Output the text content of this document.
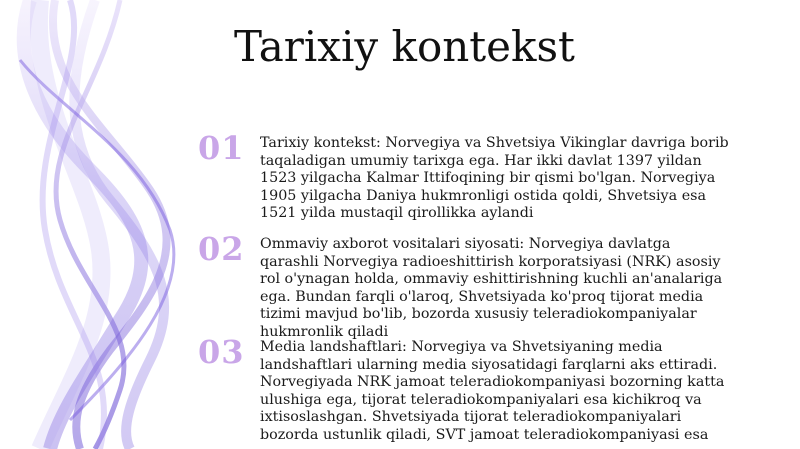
Tarixiy kontekst
01 Tarixiy kontekst: Norvegiya va Shvetsiya Vikinglar davriga borib taqaladigan umumiy tarixga ega. Har ikki davlat 1397 yildan 1523 yilgacha Kalmar Ittifoqining bir qismi bo'lgan. Norvegiya 1905 yilgacha Daniya hukmronligi ostida qoldi, Shvetsiya esa 1521 yilda mustaqil qirollikka aylandi
02 Ommaviy axborot vositalari siyosati: Norvegiya davlatga qarashli Norvegiya radioeshittirish korporatsiyasi (NRK) asosiy rol o'ynagan holda, ommaviy eshittirishning kuchli an'analariga ega. Bundan farqli o'laroq, Shvetsiyada ko'proq tijorat media tizimi mavjud bo'lib, bozorda xususiy teleradiokompaniyalar hukmronlik qiladi
03 Media landshaftlari: Norvegiya va Shvetsiyaning media landshaftlari ularning media siyosatidagi farqlarni aks ettiradi. Norvegiyada NRK jamoat teleradiokompaniyasi bozorning katta ulushiga ega, tijorat teleradiokompaniyalari esa kichikroq va ixtisoslashgan. Shvetsiyada tijorat teleradiokompaniyalari bozorda ustunlik qiladi, SVT jamoat teleradiokompaniyasi esa
